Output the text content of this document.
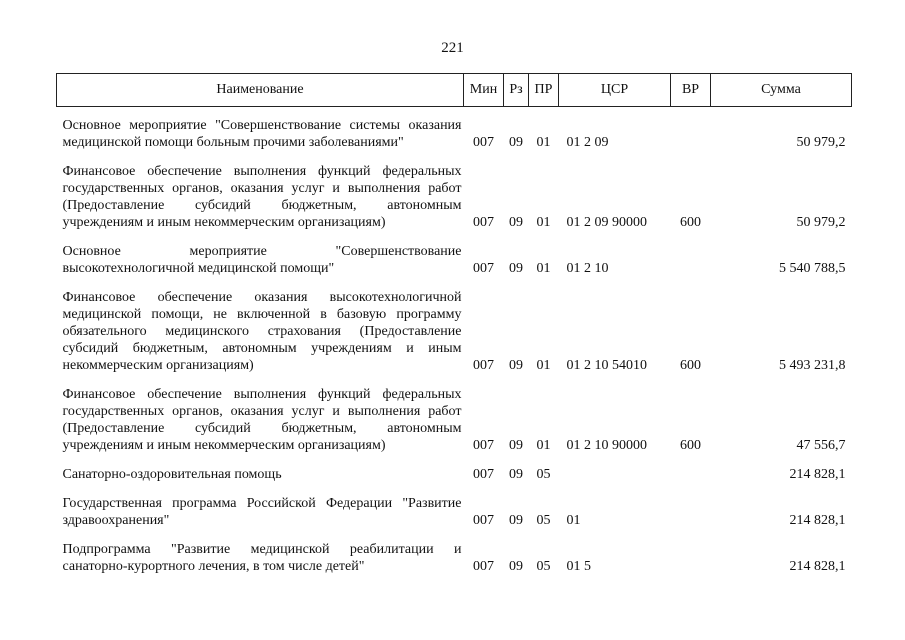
221
Наименование	Мин	Рз	ПР	ЦСР	ВР	Сумма
Основное мероприятие "Совершенствование системы оказания медицинской помощи больным прочими заболеваниями"	007	09	01	01 2 09		50 979,2
Финансовое обеспечение выполнения функций федеральных государственных органов, оказания услуг и выполнения работ (Предоставление субсидий бюджетным, автономным учреждениям и иным некоммерческим организациям)	007	09	01	01 2 09 90000	600	50 979,2
Основное мероприятие "Совершенствование высокотехнологичной медицинской помощи"	007	09	01	01 2 10		5 540 788,5
Финансовое обеспечение оказания высокотехнологичной медицинской помощи, не включенной в базовую программу обязательного медицинского страхования (Предоставление субсидий бюджетным, автономным учреждениям и иным некоммерческим организациям)	007	09	01	01 2 10 54010	600	5 493 231,8
Финансовое обеспечение выполнения функций федеральных государственных органов, оказания услуг и выполнения работ (Предоставление субсидий бюджетным, автономным учреждениям и иным некоммерческим организациям)	007	09	01	01 2 10 90000	600	47 556,7
Санаторно-оздоровительная помощь	007	09	05			214 828,1
Государственная программа Российской Федерации "Развитие здравоохранения"	007	09	05	01		214 828,1
Подпрограмма "Развитие медицинской реабилитации и санаторно-курортного лечения, в том числе детей"	007	09	05	01 5		214 828,1
